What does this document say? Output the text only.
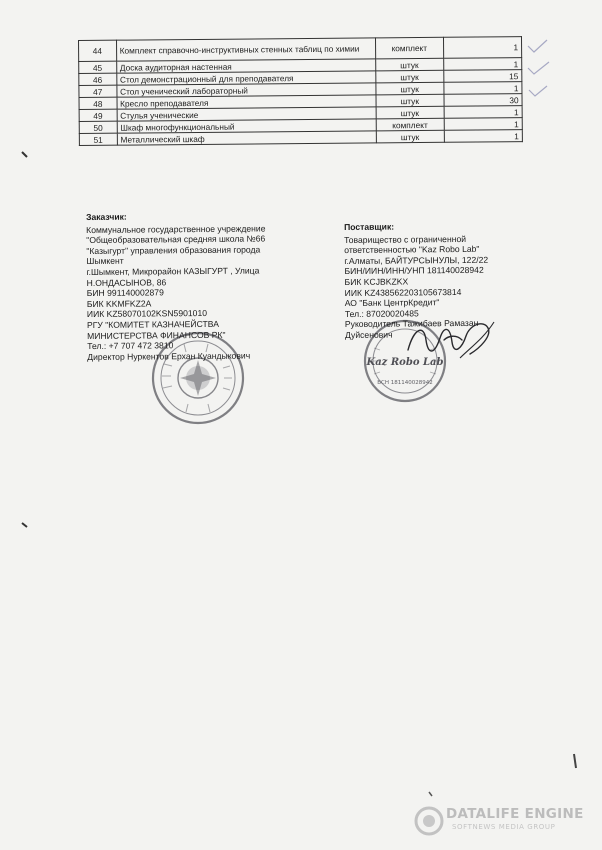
44	Комплект справочно-инструктивных стенных таблиц по химии	комплект	1
45	Доска аудиторная настенная	штук	1
46	Стол демонстрационный для преподавателя	штук	15
47	Стол ученический лабораторный	штук	1
48	Кресло преподавателя	штук	30
49	Стулья ученические	штук	1
50	Шкаф многофункциональный	комплект	1
51	Металлический шкаф	штук	1
Kaz Robo Lab
БСН 181140028942
Заказчик:
Коммунальное государственное учреждение
"Общеобразовательная средняя школа №66
"Казыгурт" управления образования города
Шымкент
г.Шымкент, Микрорайон КАЗЫГУРТ , Улица
Н.ОНДАСЫНОВ, 86
БИН 991140002879
БИК KKMFKZ2A
ИИК KZ58070102KSN5901010
РГУ "КОМИТЕТ КАЗНАЧЕЙСТВА
МИНИСТЕРСТВА ФИНАНСОВ РК"
Тел.: +7 707 472 3810
Директор Нуркентов Ерхан Куандыкович
Поставщик:
Товарищество с ограниченной
ответственностью "Kaz Robo Lab"
г.Алматы, БАЙТУРСЫНУЛЫ, 122/22
БИН/ИИН/ИНН/УНП 181140028942
БИК KCJBKZKX
ИИК KZ438562203105673814
АО "Банк ЦентрКредит"
Тел.: 87020020485
Руководитель Тажибаев Рамазан
Дуйсенович
DATALIFE ENGINE
SOFTNEWS MEDIA GROUP
